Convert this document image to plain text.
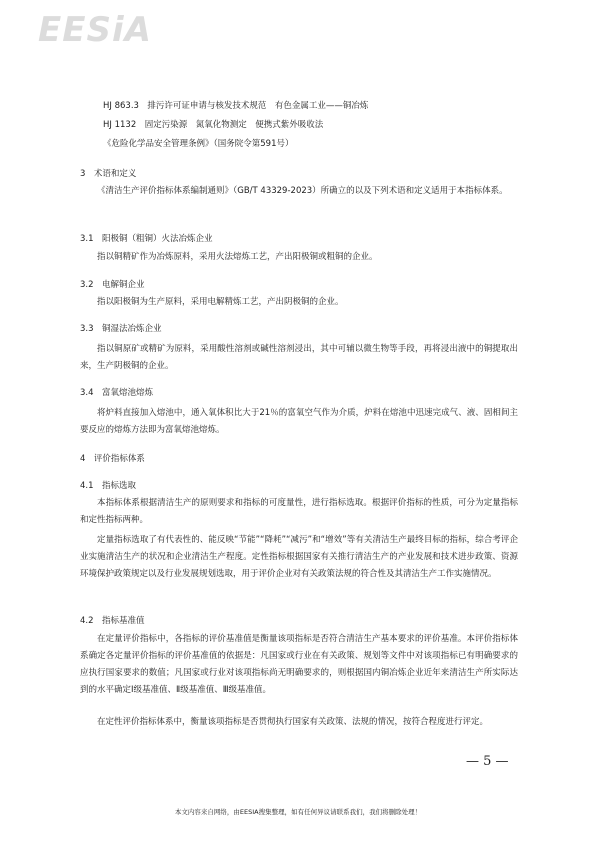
EESiA
HJ 863.3　排污许可证申请与核发技术规范　有色金属工业——铜冶炼
HJ 1132　固定污染源　氮氧化物测定　便携式紫外吸收法
《危险化学品安全管理条例》（国务院令第591号）
3　术语和定义
《清洁生产评价指标体系编制通则》（GB/T 43329-2023）所确立的以及下列术语和定义适用于本指标体系。
3.1　阳极铜（粗铜）火法冶炼企业
指以铜精矿作为冶炼原料，采用火法熔炼工艺，产出阳极铜或粗铜的企业。
3.2　电解铜企业
指以阳极铜为生产原料，采用电解精炼工艺，产出阴极铜的企业。
3.3　铜湿法冶炼企业
指以铜原矿或精矿为原料，采用酸性溶剂或碱性溶剂浸出，其中可辅以微生物等手段，再将浸出液中的铜提取出来，生产阴极铜的企业。
3.4　富氧熔池熔炼
将炉料直接加入熔池中，通入氧体积比大于21％的富氧空气作为介质，炉料在熔池中迅速完成气、液、固相间主要反应的熔炼方法即为富氧熔池熔炼。
4　评价指标体系
4.1　指标选取
本指标体系根据清洁生产的原则要求和指标的可度量性，进行指标选取。根据评价指标的性质，可分为定量指标和定性指标两种。
定量指标选取了有代表性的、能反映“节能”“降耗”“减污”和“增效”等有关清洁生产最终目标的指标，综合考评企业实施清洁生产的状况和企业清洁生产程度。定性指标根据国家有关推行清洁生产的产业发展和技术进步政策、资源环境保护政策规定以及行业发展规划选取，用于评价企业对有关政策法规的符合性及其清洁生产工作实施情况。
4.2　指标基准值
在定量评价指标中，各指标的评价基准值是衡量该项指标是否符合清洁生产基本要求的评价基准。本评价指标体系确定各定量评价指标的评价基准值的依据是：凡国家或行业在有关政策、规划等文件中对该项指标已有明确要求的应执行国家要求的数值；凡国家或行业对该项指标尚无明确要求的，则根据国内铜冶炼企业近年来清洁生产所实际达到的水平确定Ⅰ级基准值、Ⅱ级基准值、Ⅲ级基准值。
在定性评价指标体系中，衡量该项指标是否贯彻执行国家有关政策、法规的情况，按符合程度进行评定。
— 5 —
本文内容来自网络，由EESIA搜集整理，如有任何异议请联系我们，我们将删除处理！
